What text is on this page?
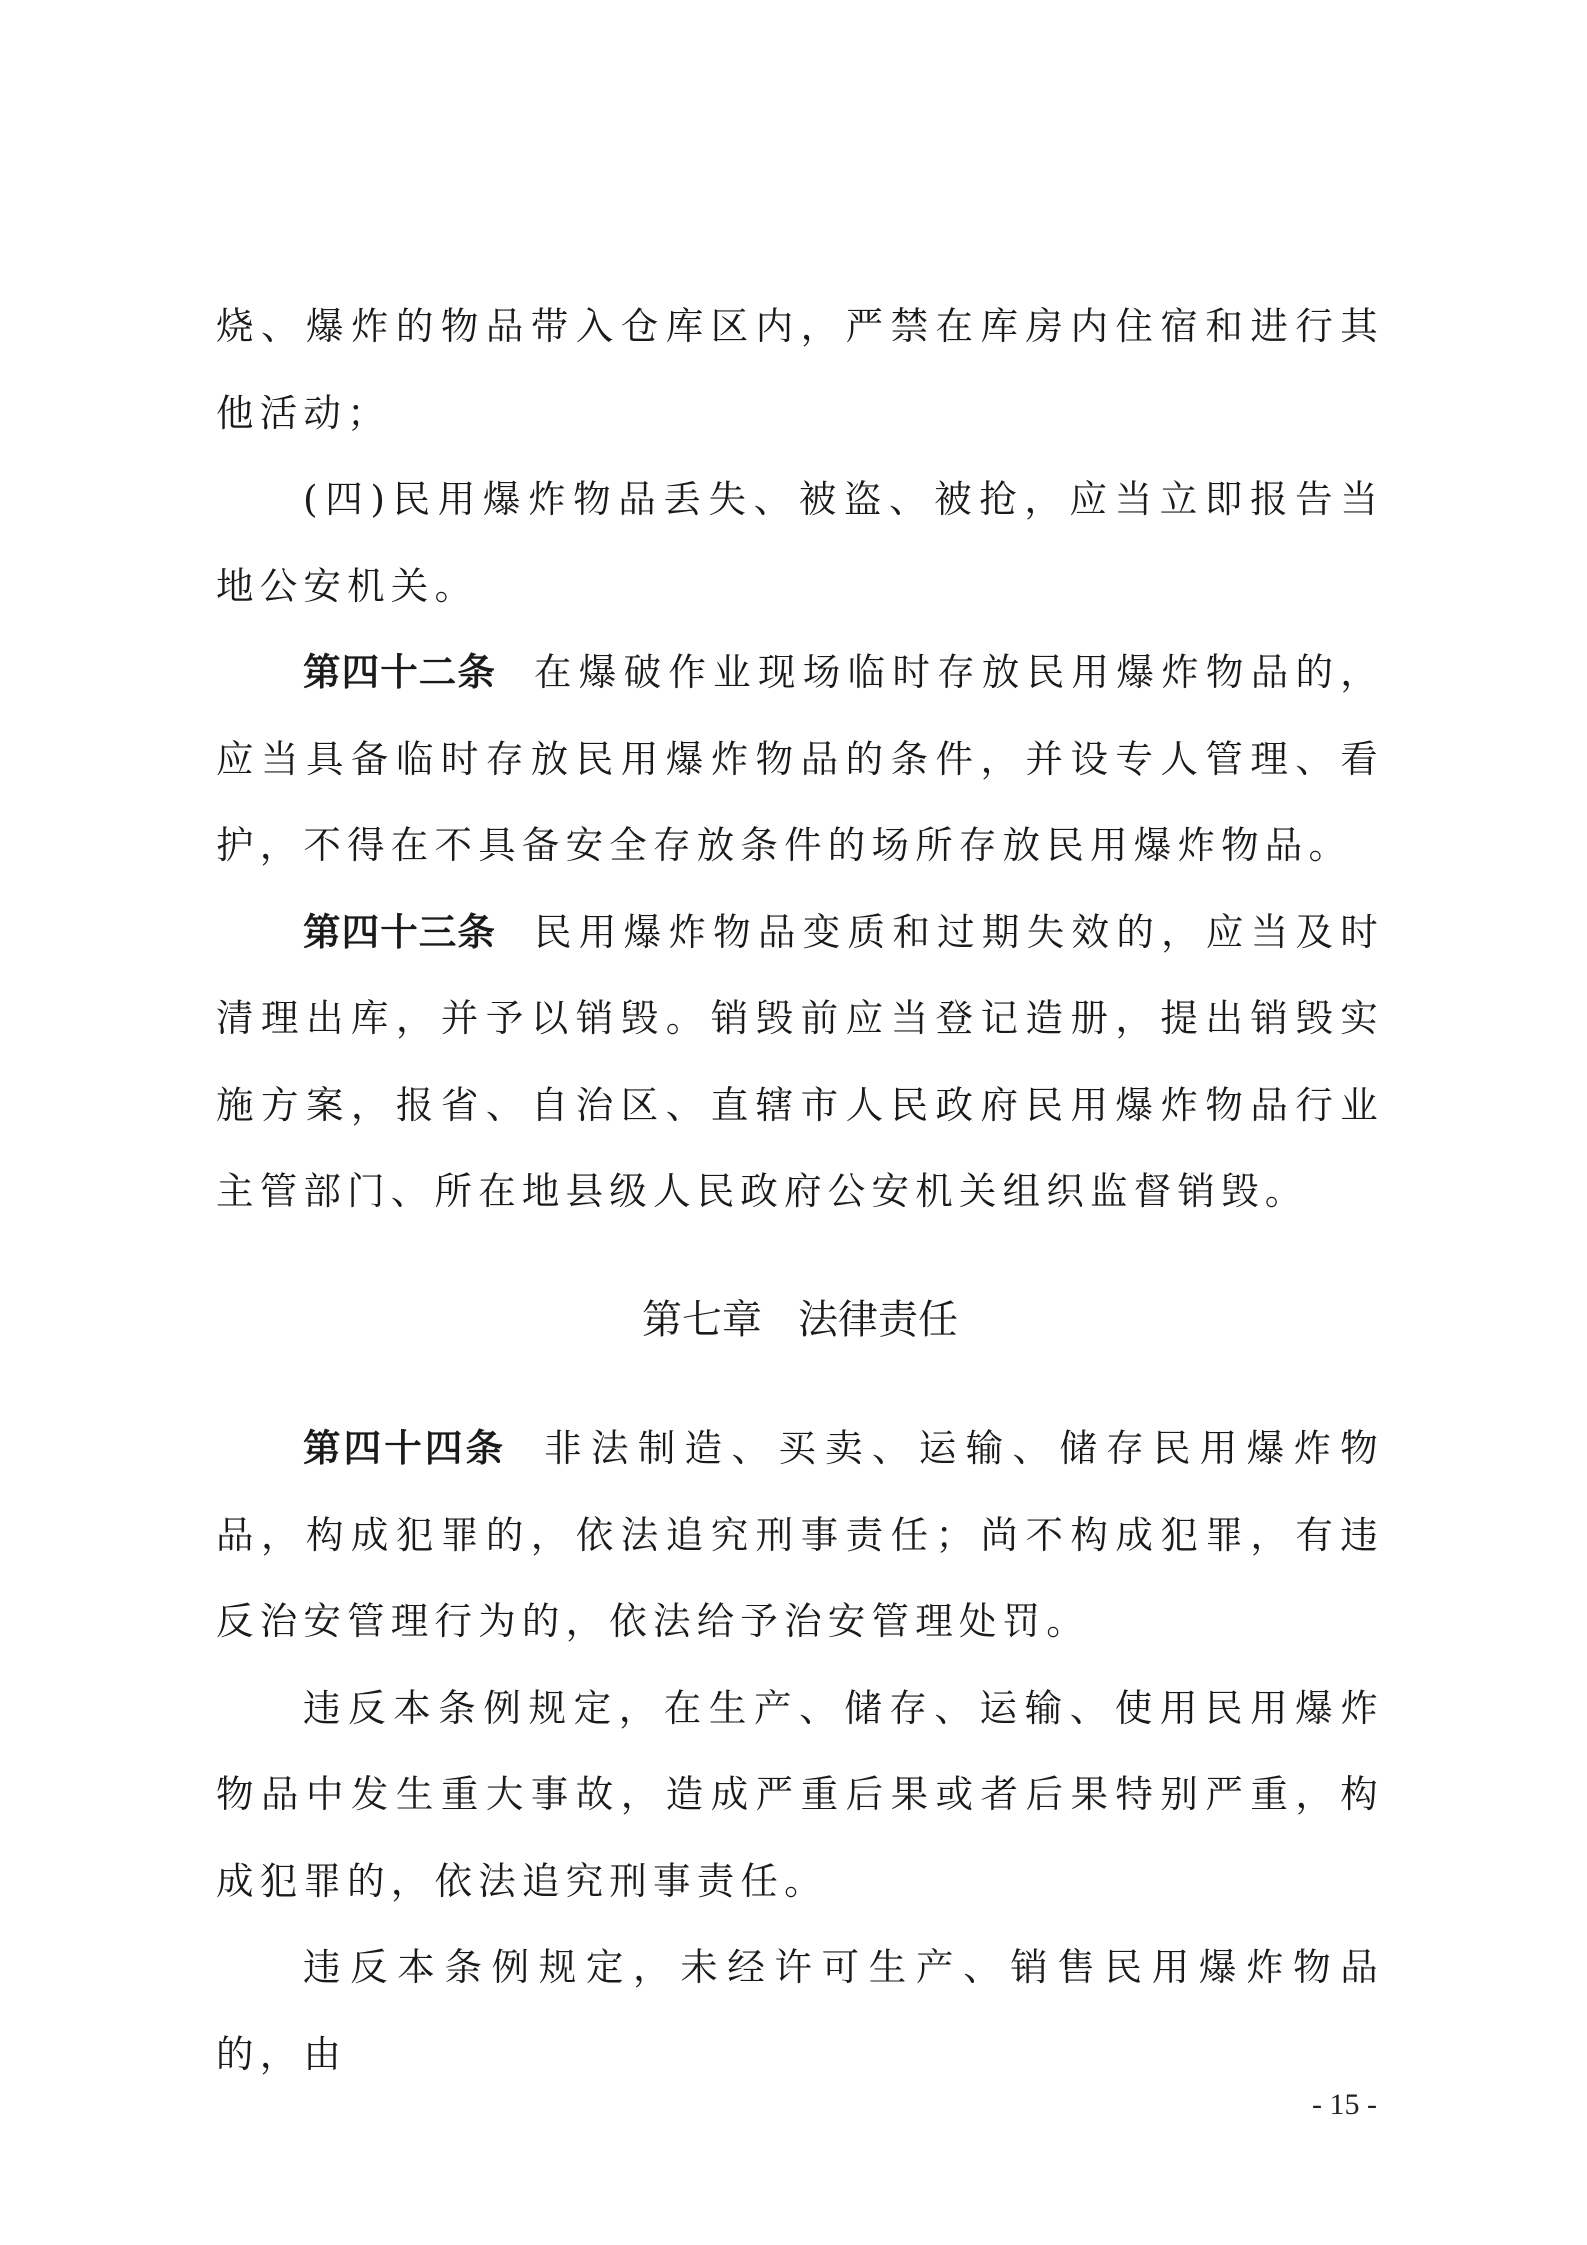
烧、爆炸的物品带入仓库区内，严禁在库房内住宿和进行其他活动；

(四)民用爆炸物品丢失、被盗、被抢，应当立即报告当地公安机关。

第四十二条 在爆破作业现场临时存放民用爆炸物品的，应当具备临时存放民用爆炸物品的条件，并设专人管理、看护，不得在不具备安全存放条件的场所存放民用爆炸物品。

第四十三条 民用爆炸物品变质和过期失效的，应当及时清理出库，并予以销毁。销毁前应当登记造册，提出销毁实施方案，报省、自治区、直辖市人民政府民用爆炸物品行业主管部门、所在地县级人民政府公安机关组织监督销毁。

第七章 法律责任

第四十四条 非法制造、买卖、运输、储存民用爆炸物品，构成犯罪的，依法追究刑事责任；尚不构成犯罪，有违反治安管理行为的，依法给予治安管理处罚。

违反本条例规定，在生产、储存、运输、使用民用爆炸物品中发生重大事故，造成严重后果或者后果特别严重，构成犯罪的，依法追究刑事责任。

违反本条例规定，未经许可生产、销售民用爆炸物品的，由

- 15 -
